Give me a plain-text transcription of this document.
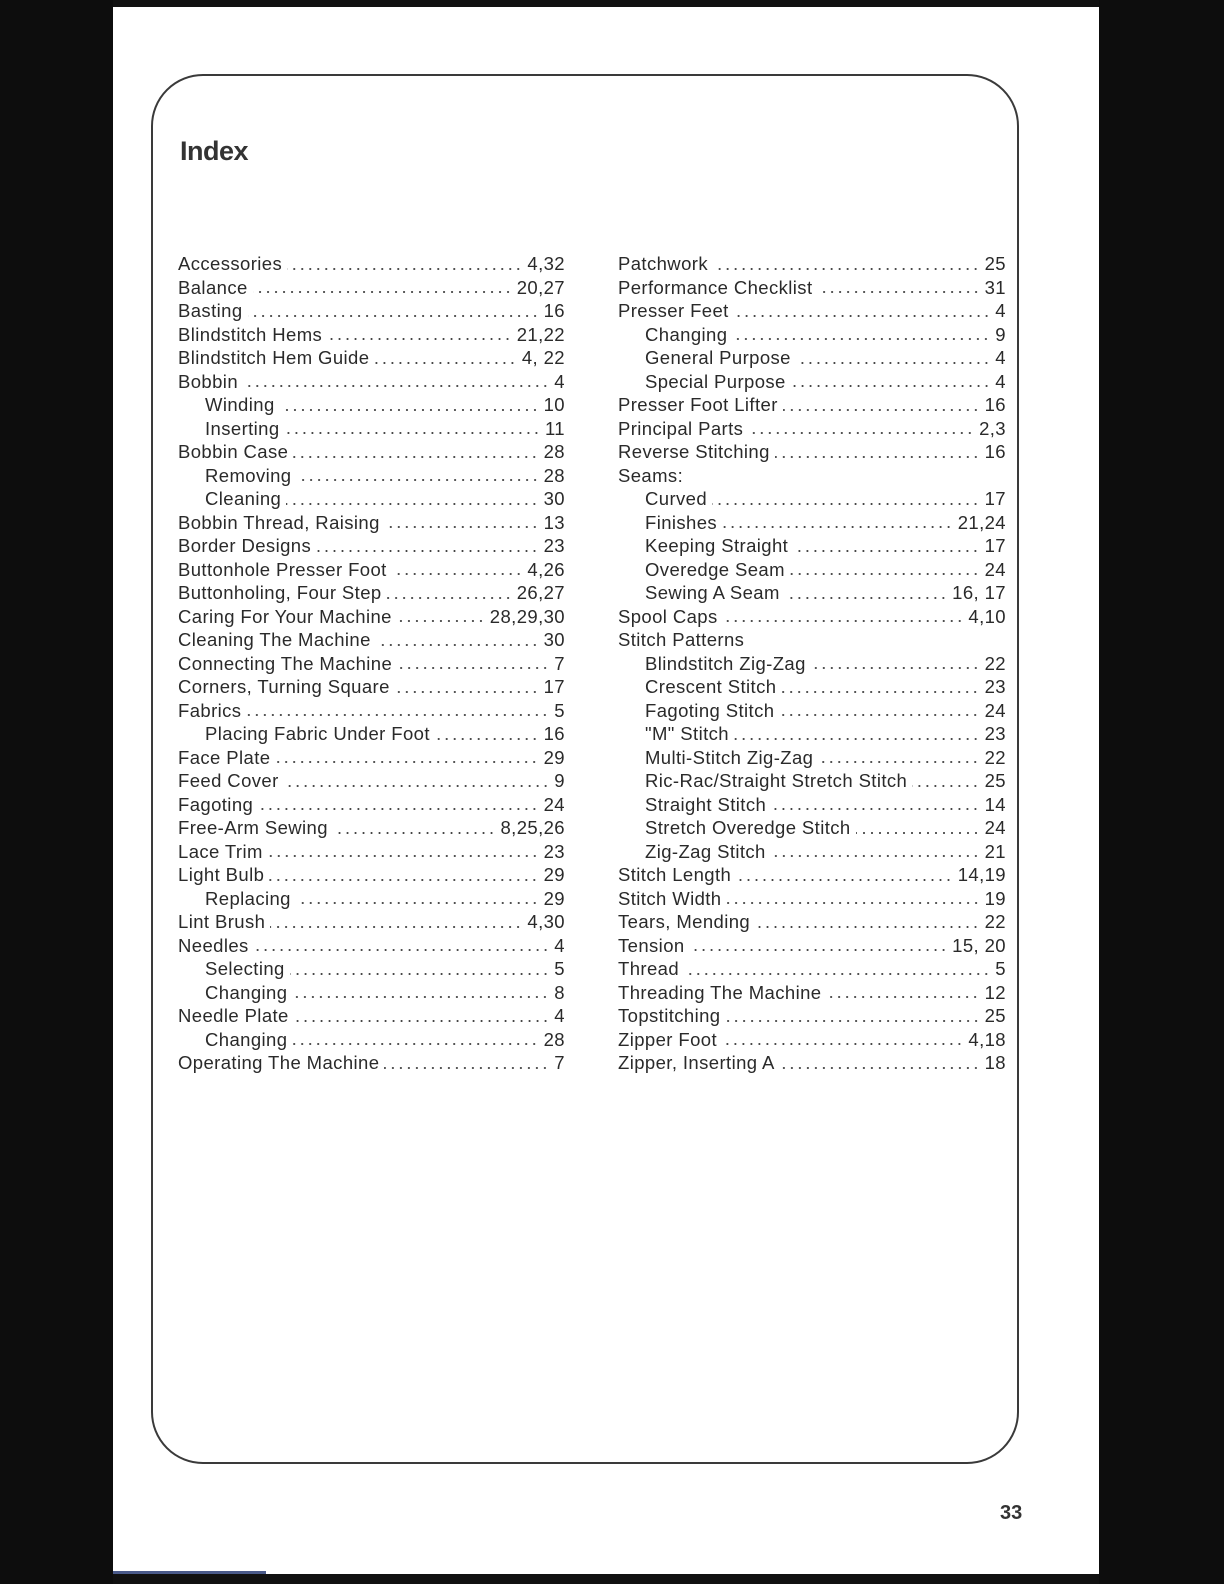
Index
Accessories	4,32
Balance	20,27
Basting	16
Blindstitch Hems	21,22
Blindstitch Hem Guide	4, 22
Bobbin	4
Winding	10
Inserting	11
Bobbin Case	28
Removing	28
Cleaning	30
Bobbin Thread, Raising	13
Border Designs	23
Buttonhole Presser Foot	4,26
Buttonholing, Four Step	26,27
Caring For Your Machine	28,29,30
Cleaning The Machine	30
Connecting The Machine	7
Corners, Turning Square	17
Fabrics	5
Placing Fabric Under Foot	16
Face Plate	29
Feed Cover	9
Fagoting	24
Free-Arm Sewing	8,25,26
Lace Trim	23
Light Bulb	29
Replacing	29
Lint Brush	4,30
Needles	4
Selecting	5
Changing	8
Needle Plate	4
Changing	28
Operating The Machine	7
Patchwork	25
Performance Checklist	31
Presser Feet	4
Changing	9
General Purpose	4
Special Purpose	4
Presser Foot Lifter	16
Principal Parts	2,3
Reverse Stitching	16
Seams:
Curved	17
Finishes	21,24
Keeping Straight	17
Overedge Seam	24
Sewing A Seam	16, 17
Spool Caps	4,10
Stitch Patterns
Blindstitch Zig-Zag	22
Crescent Stitch	23
Fagoting Stitch	24
"M" Stitch	23
Multi-Stitch Zig-Zag	22
Ric-Rac/Straight Stretch Stitch	25
Straight Stitch	14
Stretch Overedge Stitch	24
Zig-Zag Stitch	21
Stitch Length	14,19
Stitch Width	19
Tears, Mending	22
Tension	15, 20
Thread	5
Threading The Machine	12
Topstitching	25
Zipper Foot	4,18
Zipper, Inserting A	18
33
